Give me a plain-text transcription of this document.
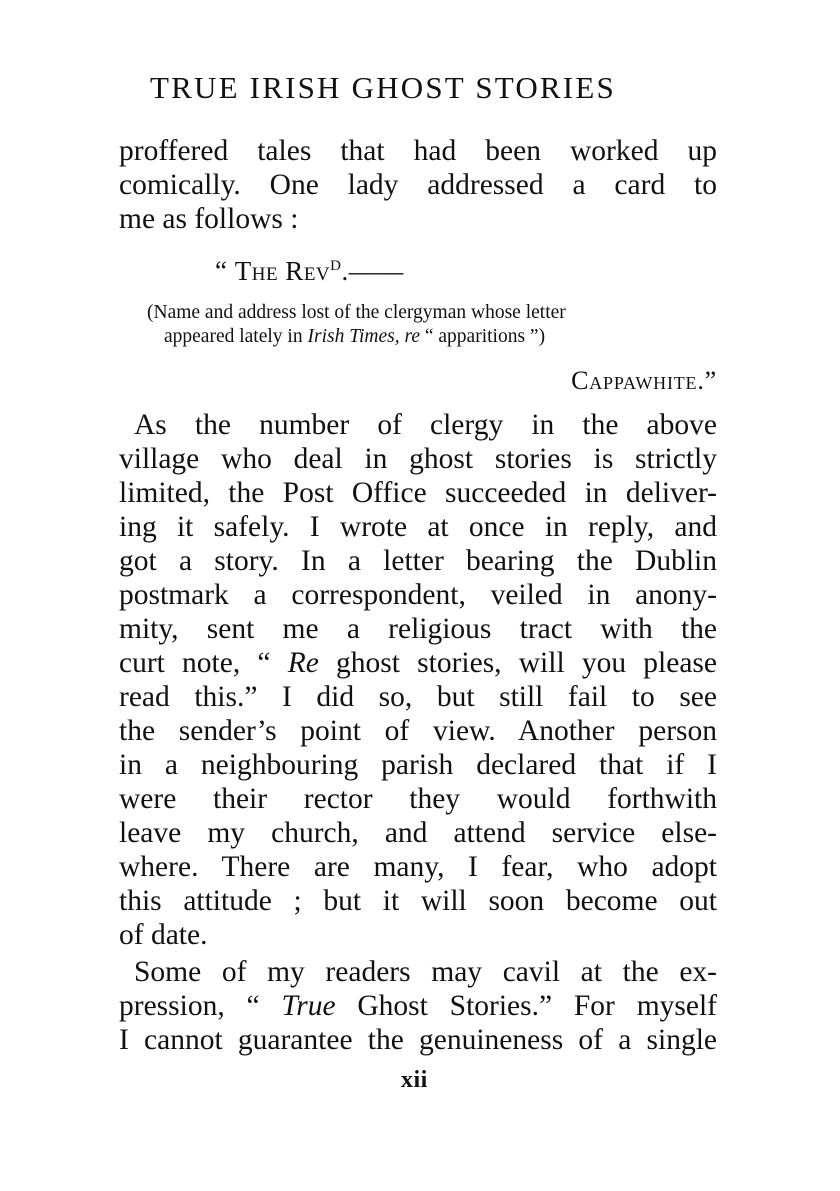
TRUE IRISH GHOST STORIES
proffered tales that had been worked up
comically. One lady addressed a card to
me as follows :
As the number of clergy in the above
village who deal in ghost stories is strictly
limited, the Post Office succeeded in deliver-
ing it safely. I wrote at once in reply, and
got a story. In a letter bearing the Dublin
postmark a correspondent, veiled in anony-
mity, sent me a religious tract with the
curt note, “ Re ghost stories, will you please
read this.” I did so, but still fail to see
the sender’s point of view. Another person
in a neighbouring parish declared that if I
were their rector they would forthwith
leave my church, and attend service else-
where. There are many, I fear, who adopt
this attitude ; but it will soon become out
of date.
Some of my readers may cavil at the ex-
pression, “ True Ghost Stories.” For myself
I cannot guarantee the genuineness of a single
“ The Rev$^D$.——
(Name and address lost of the clergyman whose letter
appeared lately in Irish Times, re “ apparitions ”)
Cappawhite.”
xii
